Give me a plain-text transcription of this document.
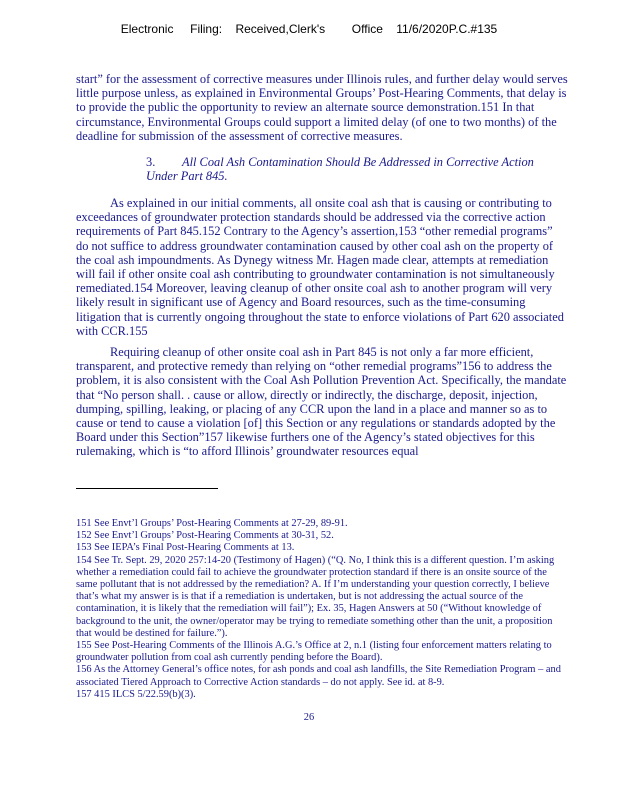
Electronic     Filing:    Received,Clerk's        Office    11/6/2020P.C.#135

start” for the assessment of corrective measures under Illinois rules, and further delay would serves little purpose unless, as explained in Environmental Groups’ Post-Hearing Comments, that delay is to provide the public the opportunity to review an alternate source demonstration.151 In that circumstance, Environmental Groups could support a limited delay (of one to two months) of the deadline for submission of the assessment of corrective measures.

3. All Coal Ash Contamination Should Be Addressed in Corrective Action Under Part 845.

As explained in our initial comments, all onsite coal ash that is causing or contributing to exceedances of groundwater protection standards should be addressed via the corrective action requirements of Part 845.152 Contrary to the Agency’s assertion,153 “other remedial programs” do not suffice to address groundwater contamination caused by other coal ash on the property of the coal ash impoundments. As Dynegy witness Mr. Hagen made clear, attempts at remediation will fail if other onsite coal ash contributing to groundwater contamination is not simultaneously remediated.154 Moreover, leaving cleanup of other onsite coal ash to another program will very likely result in significant use of Agency and Board resources, such as the time-consuming litigation that is currently ongoing throughout the state to enforce violations of Part 620 associated with CCR.155

Requiring cleanup of other onsite coal ash in Part 845 is not only a far more efficient, transparent, and protective remedy than relying on “other remedial programs”156 to address the problem, it is also consistent with the Coal Ash Pollution Prevention Act. Specifically, the mandate that “No person shall. . cause or allow, directly or indirectly, the discharge, deposit, injection, dumping, spilling, leaking, or placing of any CCR upon the land in a place and manner so as to cause or tend to cause a violation [of] this Section or any regulations or standards adopted by the Board under this Section”157 likewise furthers one of the Agency’s stated objectives for this rulemaking, which is “to afford Illinois’ groundwater resources equal

151 See Envt’l Groups’ Post-Hearing Comments at 27-29, 89-91.

152 See Envt’l Groups’ Post-Hearing Comments at 30-31, 52.

153 See IEPA’s Final Post-Hearing Comments at 13.

154 See Tr. Sept. 29, 2020 257:14-20 (Testimony of Hagen) (“Q. No, I think this is a different question. I’m asking whether a remediation could fail to achieve the groundwater protection standard if there is an onsite source of the same pollutant that is not addressed by the remediation? A. If I’m understanding your question correctly, I believe that’s what my answer is is that if a remediation is undertaken, but is not addressing the actual source of the contamination, it is likely that the remediation will fail”); Ex. 35, Hagen Answers at 50 (“Without knowledge of background to the unit, the owner/operator may be trying to remediate something other than the unit, a proposition that would be destined for failure.”).

155 See Post-Hearing Comments of the Illinois A.G.’s Office at 2, n.1 (listing four enforcement matters relating to groundwater pollution from coal ash currently pending before the Board).

156 As the Attorney General’s office notes, for ash ponds and coal ash landfills, the Site Remediation Program – and associated Tiered Approach to Corrective Action standards – do not apply. See id. at 8-9.

157 415 ILCS 5/22.59(b)(3).

26
